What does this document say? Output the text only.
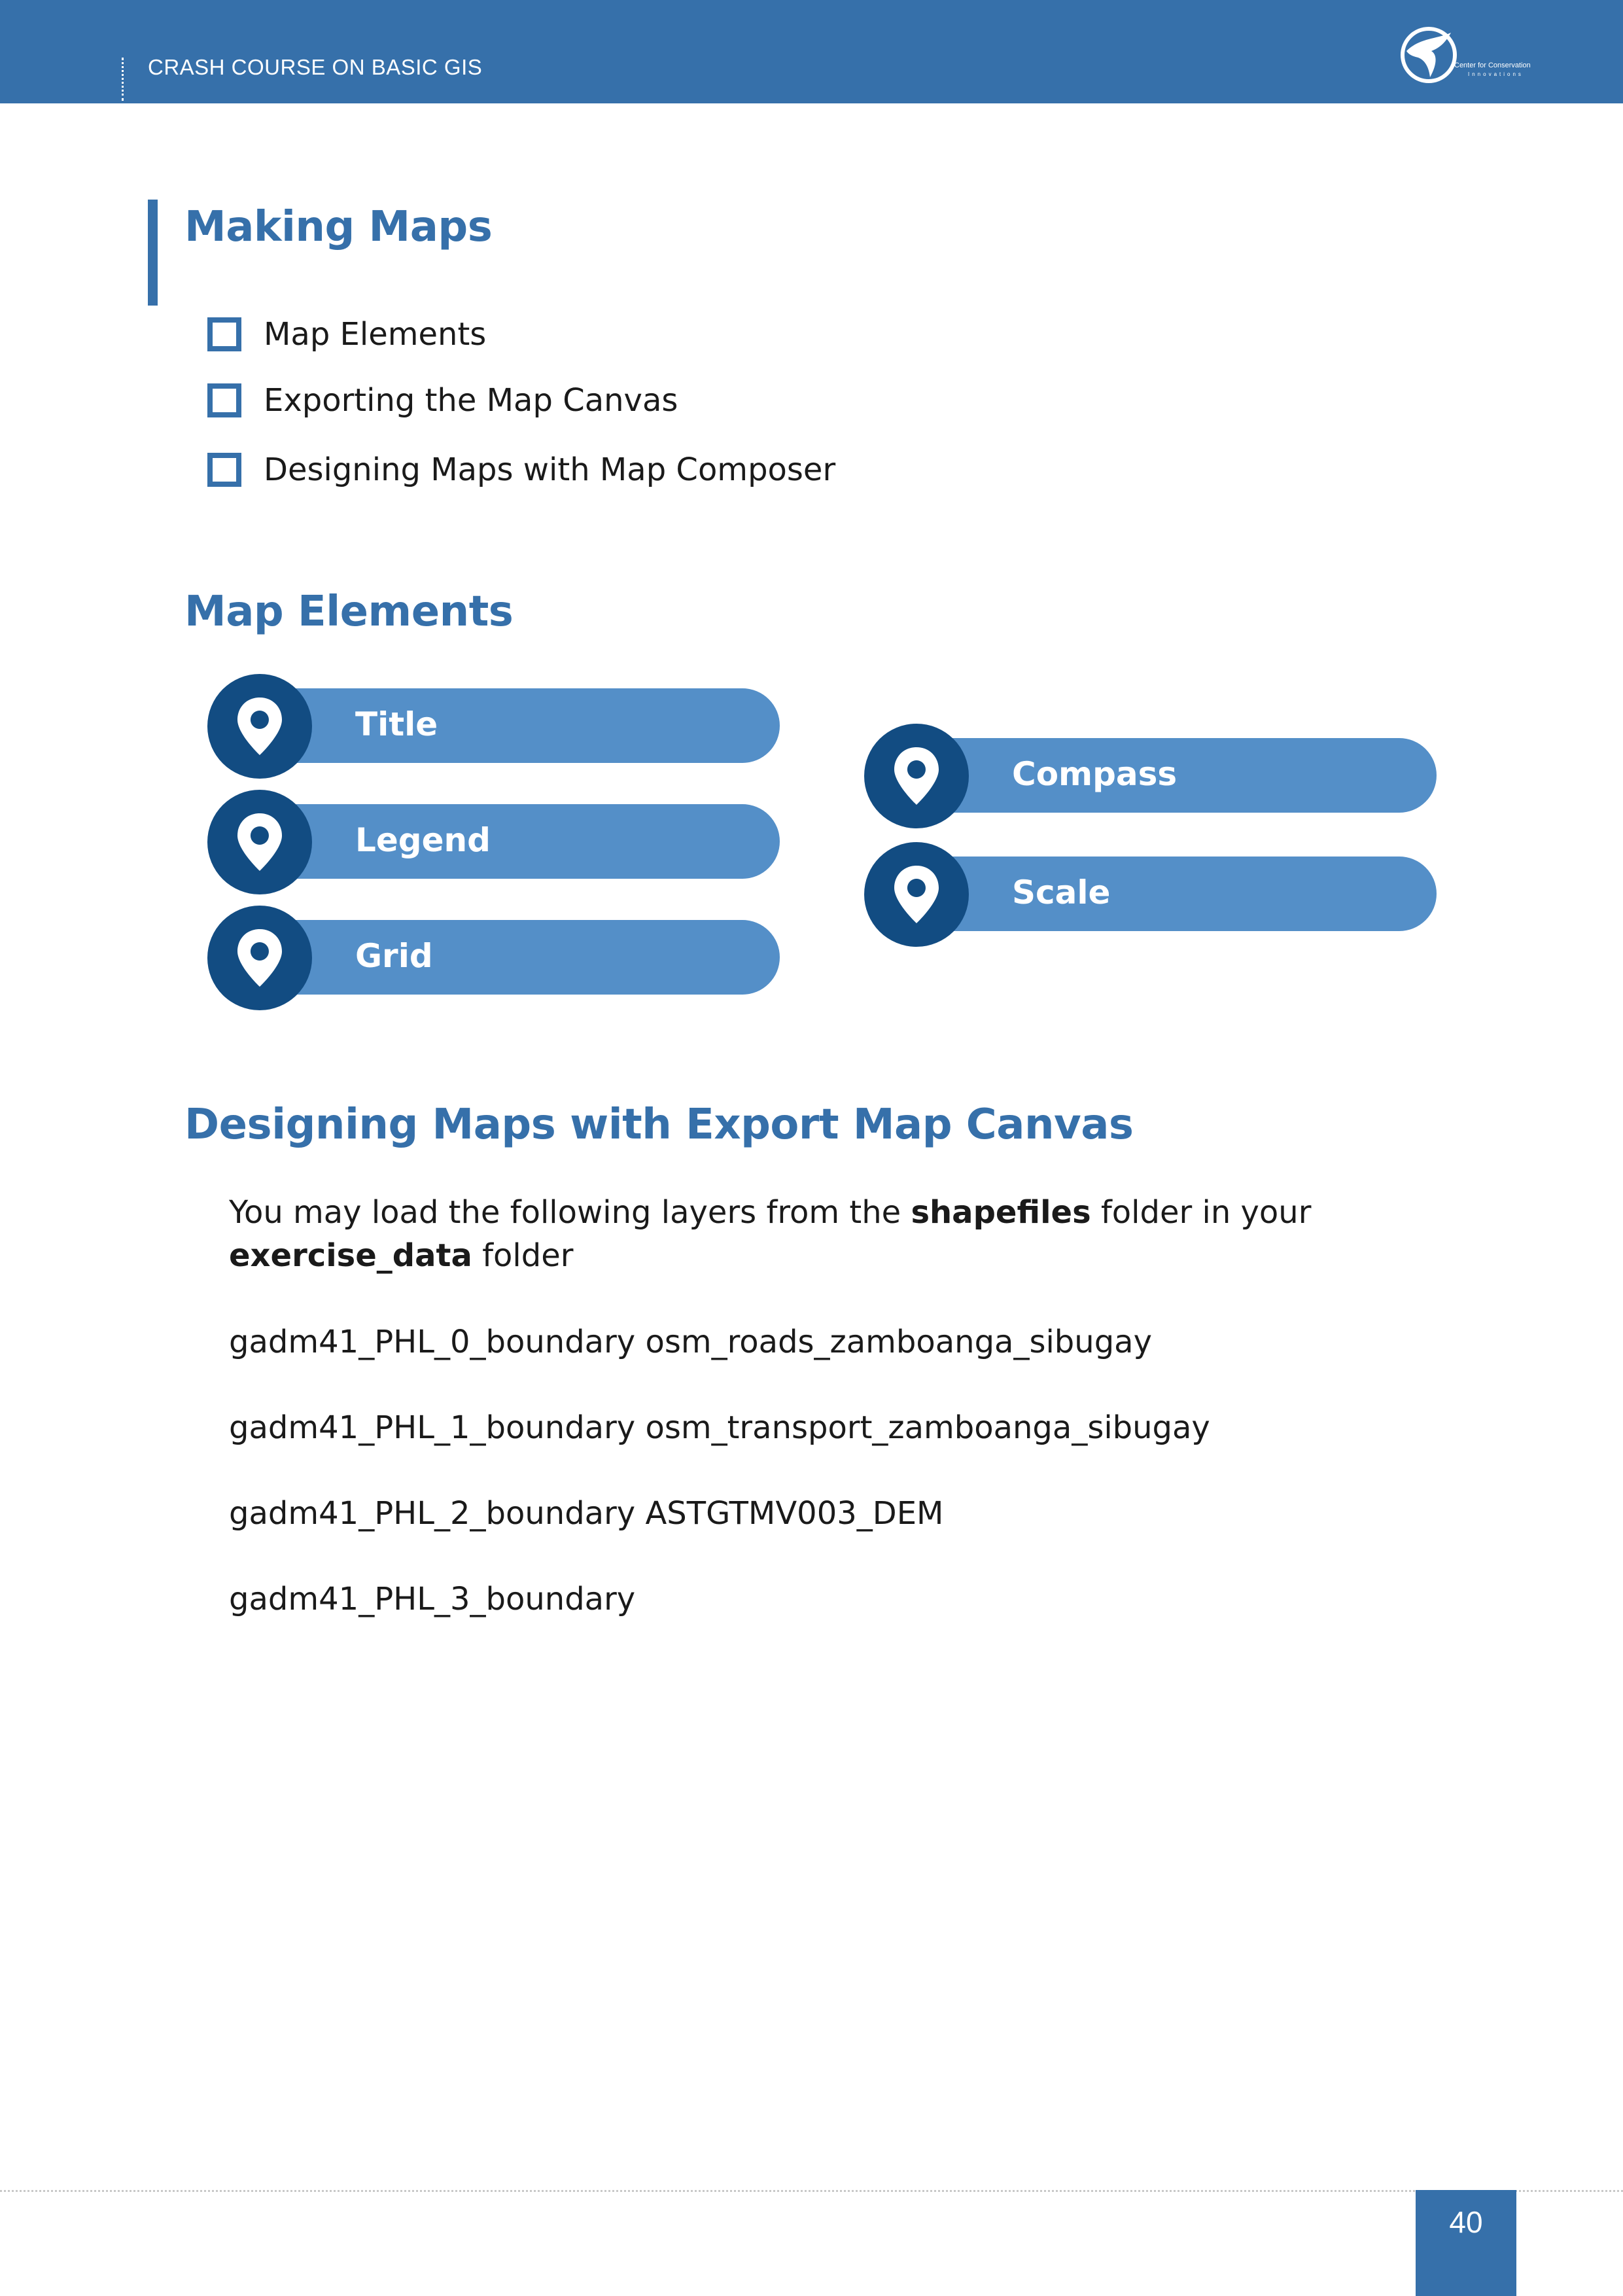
CRASH COURSE ON BASIC GIS	Center for Conservation
Innovations
Making Maps
Map Elements
Exporting the Map Canvas
Designing Maps with Map Composer
Map Elements
Title
Legend
Grid
Compass
Scale
Designing Maps with Export Map Canvas
You may load the following layers from the shapefiles folder in your
exercise_data folder
gadm41_PHL_0_boundary osm_roads_zamboanga_sibugay
gadm41_PHL_1_boundary osm_transport_zamboanga_sibugay
gadm41_PHL_2_boundary ASTGTMV003_DEM
gadm41_PHL_3_boundary
40
